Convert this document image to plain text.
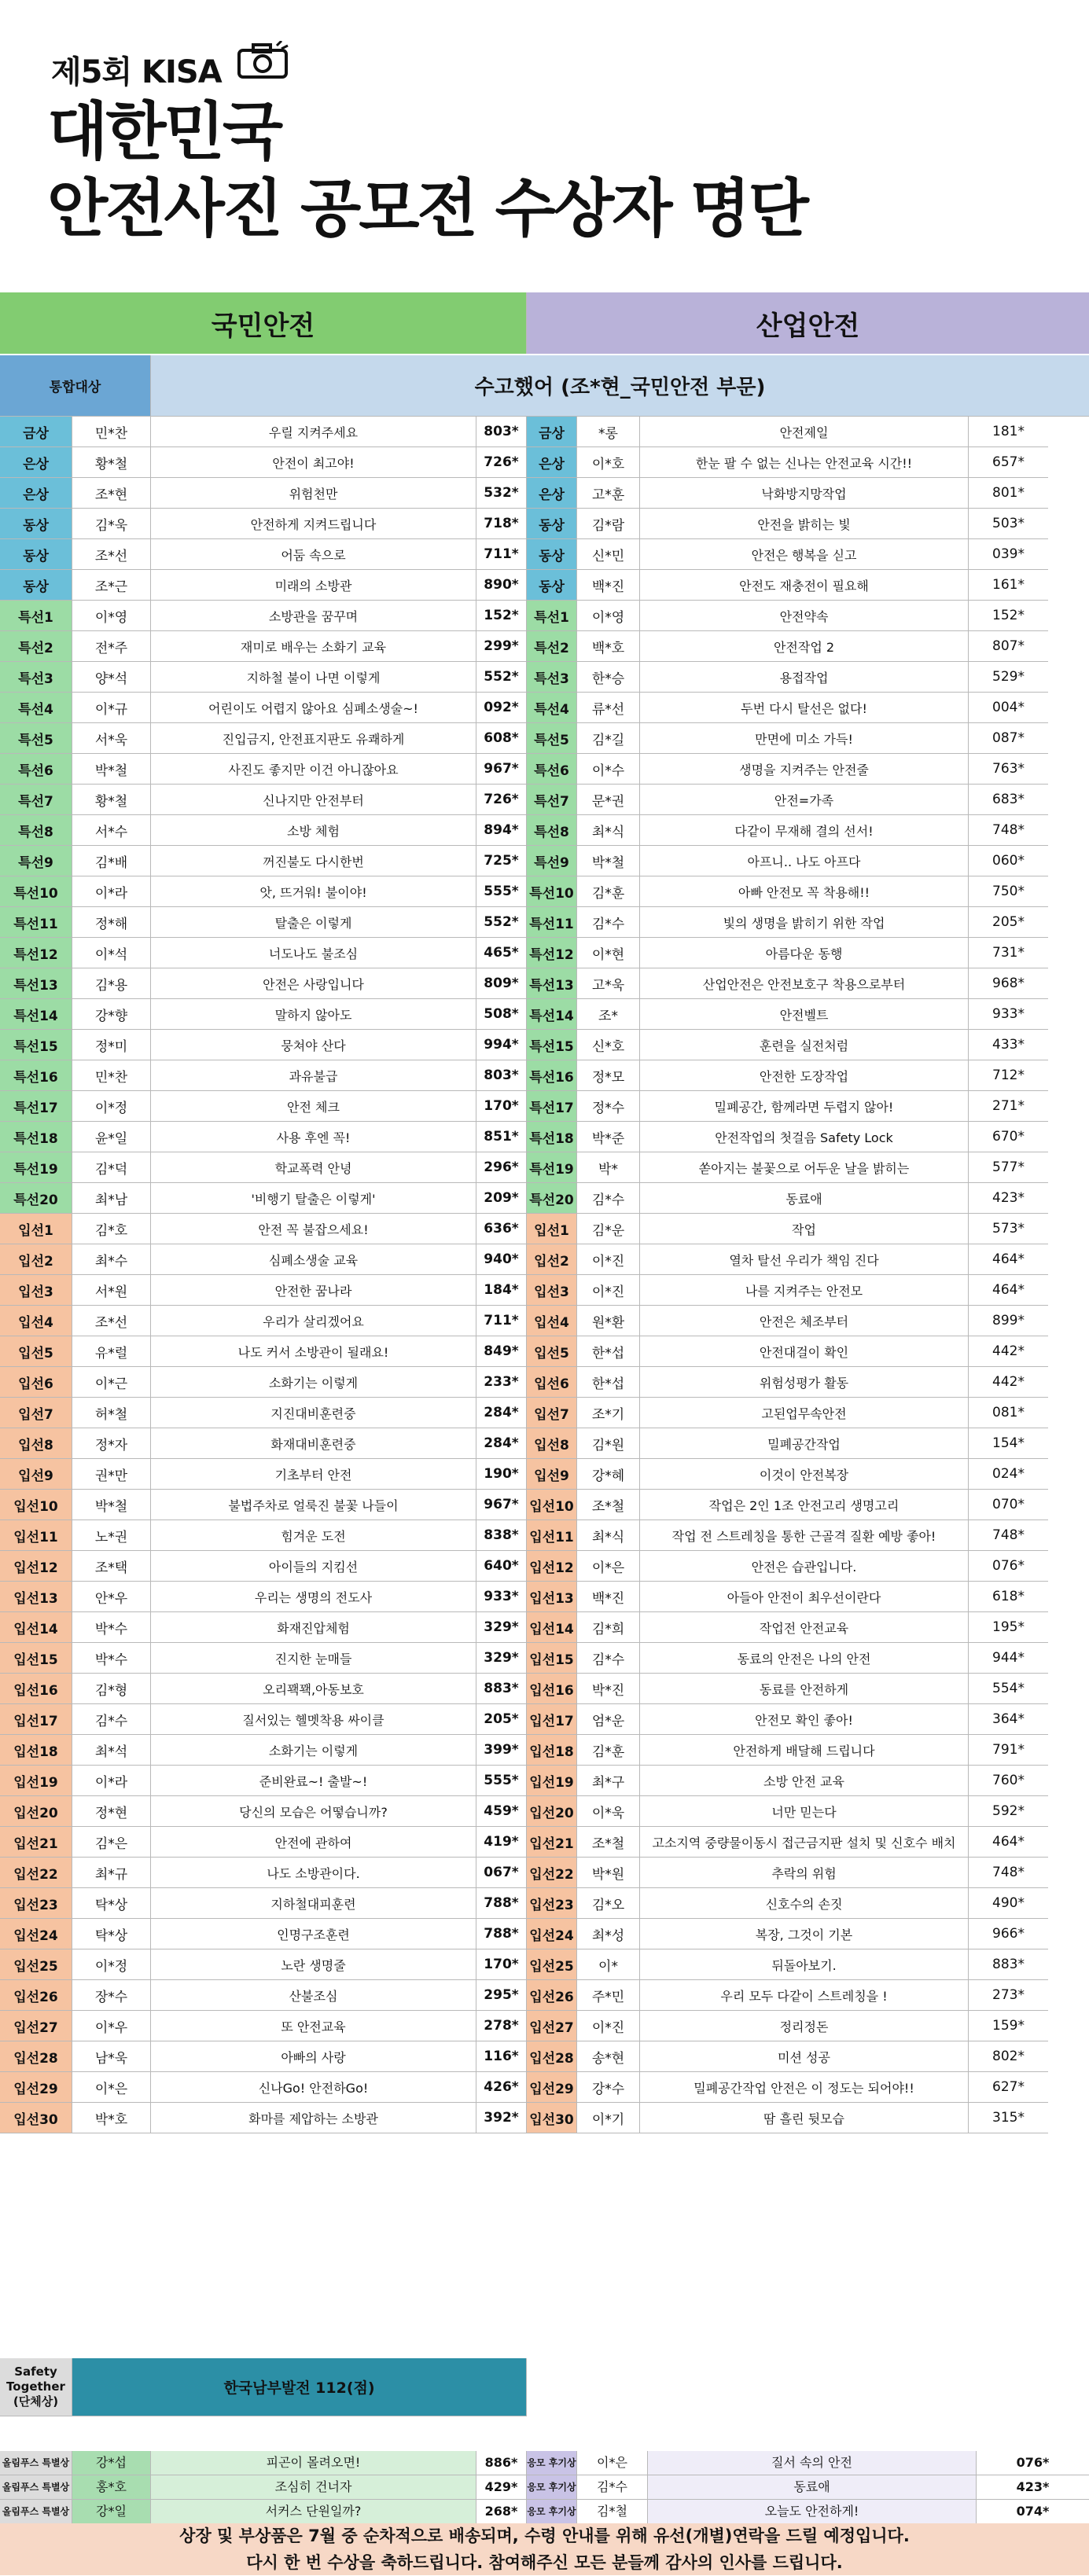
제5회 KISA
대한민국
안전사진 공모전 수상자 명단
국민안전	산업안전
통합대상	수고했어 (조*현_국민안전 부문)
금상	민*찬	우릴 지켜주세요	803*	금상	*롱	안전제일	181*
은상	황*철	안전이 최고야!	726*	은상	이*호	한눈 팔 수 없는 신나는 안전교육 시간!!	657*
은상	조*현	위험천만	532*	은상	고*훈	낙화방지망작업	801*
동상	김*욱	안전하게 지켜드립니다	718*	동상	김*람	안전을 밝히는 빛	503*
동상	조*선	어둠 속으로	711*	동상	신*민	안전은 행복을 싣고	039*
동상	조*근	미래의 소방관	890*	동상	백*진	안전도 재충전이 필요해	161*
특선1	이*영	소방관을 꿈꾸며	152*	특선1	이*영	안전약속	152*
특선2	전*주	재미로 배우는 소화기 교육	299*	특선2	백*호	안전작업 2	807*
특선3	양*석	지하철 불이 나면 이렇게	552*	특선3	한*승	용접작업	529*
특선4	이*규	어린이도 어렵지 않아요 심폐소생술~!	092*	특선4	류*선	두번 다시 탈선은 없다!	004*
특선5	서*욱	진입금지, 안전표지판도 유쾌하게	608*	특선5	김*길	만면에 미소 가득!	087*
특선6	박*철	사진도 좋지만 이건 아니잖아요	967*	특선6	이*수	생명을 지켜주는 안전줄	763*
특선7	황*철	신나지만 안전부터	726*	특선7	문*권	안전=가족	683*
특선8	서*수	소방 체험	894*	특선8	최*식	다같이 무재해 결의 선서!	748*
특선9	김*배	꺼진불도 다시한번	725*	특선9	박*철	아프니.. 나도 아프다	060*
특선10	이*라	앗, 뜨거워! 불이야!	555* 특선10	김*훈	아빠 안전모 꼭 착용해!!	750*
특선11	정*해	탈출은 이렇게	552* 특선11	김*수	빛의 생명을 밝히기 위한 작업	205*
특선12	이*석	너도나도 불조심	465* 특선12	이*현	아름다운 동행	731*
특선13	김*용	안전은 사랑입니다	809* 특선13	고*욱	산업안전은 안전보호구 착용으로부터	968*
특선14	강*향	말하지 않아도	508* 특선14	조*	안전벨트	933*
특선15	정*미	뭉쳐야 산다	994* 특선15	신*호	훈련을 실전처럼	433*
특선16	민*찬	과유불급	803* 특선16	정*모	안전한 도장작업	712*
특선17	이*정	안전 체크	170* 특선17	정*수	밀폐공간, 함께라면 두렵지 않아!	271*
특선18	윤*일	사용 후엔 꼭!	851* 특선18	박*준	안전작업의 첫걸음 Safety Lock	670*
특선19	김*덕	학교폭력 안녕	296* 특선19	박*	쏟아지는 불꽃으로 어두운 날을 밝히는	577*
특선20	최*남	'비행기 탈출은 이렇게'	209* 특선20	김*수	동료애	423*
입선1	김*호	안전 꼭 불잡으세요!	636*	입선1	김*운	작업	573*
입선2	최*수	심폐소생술 교육	940*	입선2	이*진	열차 탈선 우리가 책임 진다	464*
입선3	서*원	안전한 꿈나라	184*	입선3	이*진	나를 지켜주는 안전모	464*
입선4	조*선	우리가 살리겠어요	711*	입선4	원*환	안전은 체조부터	899*
입선5	유*럴	나도 커서 소방관이 될래요!	849*	입선5	한*섭	안전대걸이 확인	442*
입선6	이*근	소화기는 이렇게	233*	입선6	한*섭	위험성평가 활동	442*
입선7	허*철	지진대비훈련중	284*	입선7	조*기	고된업무속안전	081*
입선8	정*자	화재대비훈련중	284*	입선8	김*원	밀폐공간작업	154*
입선9	권*만	기초부터 안전	190*	입선9	강*혜	이것이 안전복장	024*
입선10	박*철	불법주차로 얼룩진 불꽃 나들이	967* 입선10	조*철	작업은 2인 1조 안전고리 생명고리	070*
입선11	노*권	힘겨운 도전	838* 입선11	최*식	작업 전 스트레칭을 통한 근골격 질환 예방 좋아!	748*
입선12	조*택	아이들의 지킴선	640* 입선12	이*은	안전은 습관입니다.	076*
입선13	안*우	우리는 생명의 전도사	933* 입선13	백*진	아들아 안전이 최우선이란다	618*
입선14	박*수	화재진압체험	329* 입선14	김*희	작업전 안전교육	195*
입선15	박*수	진지한 눈매들	329* 입선15	김*수	동료의 안전은 나의 안전	944*
입선16	김*형	오리꽥꽥,아동보호	883* 입선16	박*진	동료를 안전하게	554*
입선17	김*수	질서있는 헬멧착용 싸이클	205* 입선17	엄*운	안전모 확인 좋아!	364*
입선18	최*석	소화기는 이렇게	399* 입선18	김*훈	안전하게 배달해 드립니다	791*
입선19	이*라	준비완료~! 출발~!	555* 입선19	최*구	소방 안전 교육	760*
입선20	정*현	당신의 모습은 어떻습니까?	459* 입선20	이*욱	너만 믿는다	592*
입선21	김*은	안전에 관하여	419* 입선21	조*철	고소지역 중량물이동시 접근금지판 설치 및 신호수 배치	464*
입선22	최*규	나도 소방관이다.	067* 입선22	박*원	추락의 위험	748*
입선23	탁*상	지하철대피훈련	788* 입선23	김*오	신호수의 손짓	490*
입선24	탁*상	인명구조훈련	788* 입선24	최*성	복장, 그것이 기본	966*
입선25	이*정	노란 생명줄	170* 입선25	이*	뒤돌아보기.	883*
입선26	장*수	산불조심	295* 입선26	주*민	우리 모두 다같이 스트레칭을 !	273*
입선27	이*우	또 안전교육	278* 입선27	이*진	정리정돈	159*
입선28	남*욱	아빠의 사랑	116* 입선28	송*현	미션 성공	802*
입선29	이*은	신나Go! 안전하Go!	426* 입선29	강*수	밀폐공간작업 안전은 이 정도는 되어야!!	627*
입선30	박*호	화마를 제압하는 소방관	392* 입선30	이*기	땀 흘린 뒷모습	315*
Safety Together (단체상)
한국남부발전 112(점)
올림푸스 특별상	강*섭	피곤이 몰려오면!	886*	응모 후기상	이*은	질서 속의 안전	076*
올림푸스 특별상	홍*호	조심히 건너자	429*	응모 후기상	김*수	동료애	423*
올림푸스 특별상	강*일	서커스 단원일까?	268*	응모 후기상	김*철	오늘도 안전하게!	074*
상장 및 부상품은 7월 중 순차적으로 배송되며, 수령 안내를 위해 유선(개별)연락을 드릴 예정입니다.
다시 한 번 수상을 축하드립니다. 참여해주신 모든 분들께 감사의 인사를 드립니다.
